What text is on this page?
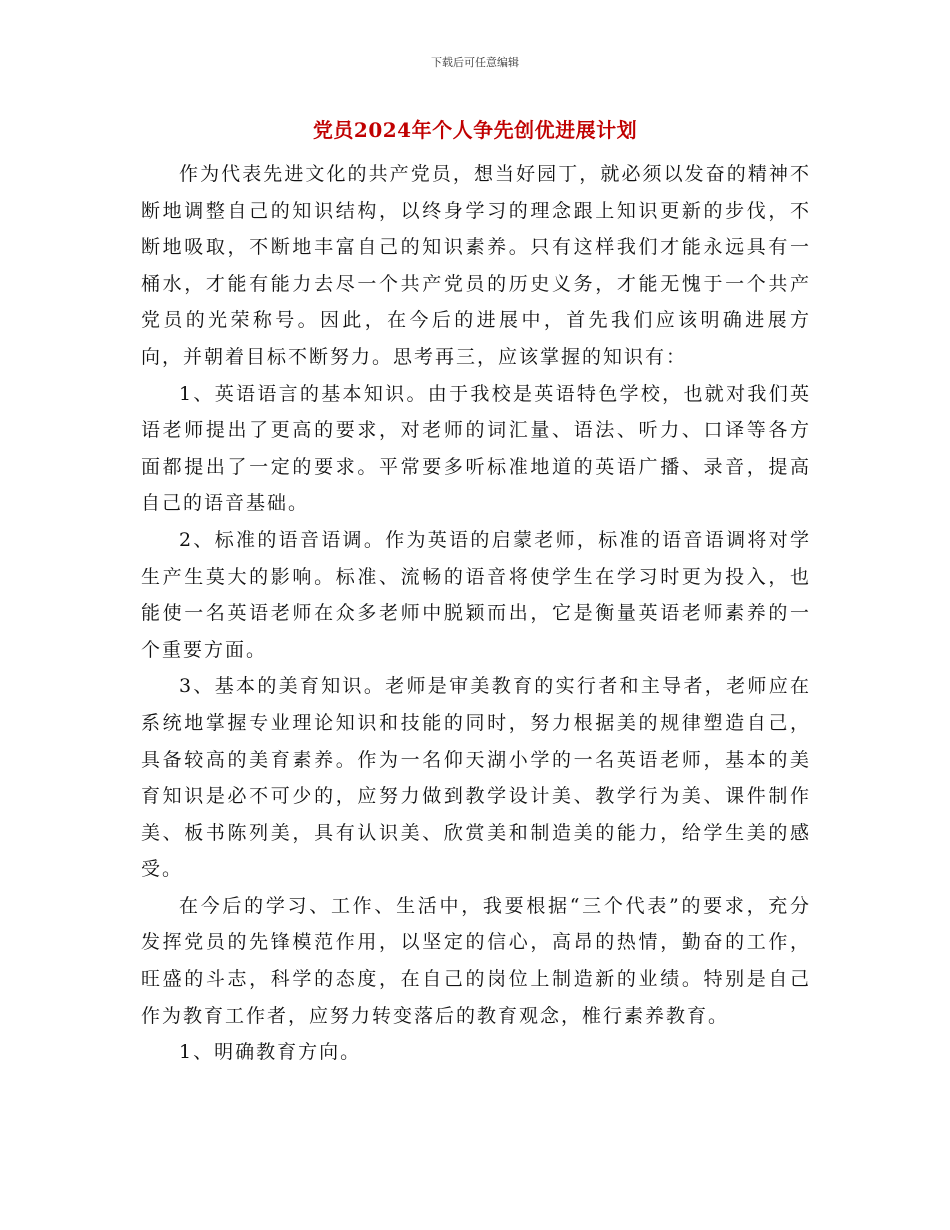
下载后可任意编辑
党员2024年个人争先创优进展计划

作为代表先进文化的共产党员，想当好园丁，就必须以发奋的精神不断地调整自己的知识结构，以终身学习的理念跟上知识更新的步伐，不断地吸取，不断地丰富自己的知识素养。只有这样我们才能永远具有一桶水，才能有能力去尽一个共产党员的历史义务，才能无愧于一个共产党员的光荣称号。因此，在今后的进展中，首先我们应该明确进展方向，并朝着目标不断努力。思考再三，应该掌握的知识有：

1、英语语言的基本知识。由于我校是英语特色学校，也就对我们英语老师提出了更高的要求，对老师的词汇量、语法、听力、口译等各方面都提出了一定的要求。平常要多听标准地道的英语广播、录音，提高自己的语音基础。

2、标准的语音语调。作为英语的启蒙老师，标准的语音语调将对学生产生莫大的影响。标准、流畅的语音将使学生在学习时更为投入，也能使一名英语老师在众多老师中脱颖而出，它是衡量英语老师素养的一个重要方面。

3、基本的美育知识。老师是审美教育的实行者和主导者，老师应在系统地掌握专业理论知识和技能的同时，努力根据美的规律塑造自己，具备较高的美育素养。作为一名仰天湖小学的一名英语老师，基本的美育知识是必不可少的，应努力做到教学设计美、教学行为美、课件制作美、板书陈列美，具有认识美、欣赏美和制造美的能力，给学生美的感受。

在今后的学习、工作、生活中，我要根据“三个代表”的要求，充分发挥党员的先锋模范作用，以坚定的信心，高昂的热情，勤奋的工作，旺盛的斗志，科学的态度，在自己的岗位上制造新的业绩。特别是自己作为教育工作者，应努力转变落后的教育观念，椎行素养教育。

1、明确教育方向。
